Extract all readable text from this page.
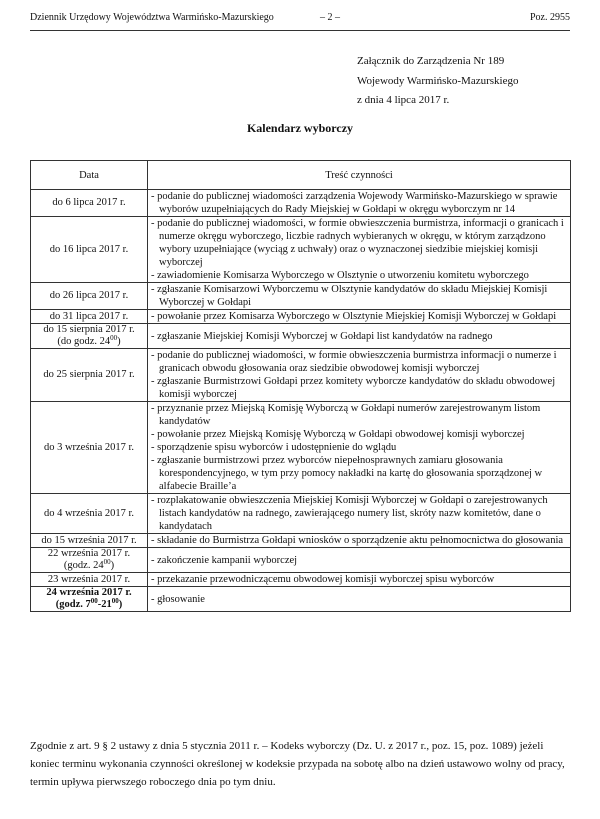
Dziennik Urzędowy Województwa Warmińsko-Mazurskiego	– 2 –	Poz. 2955
Załącznik do Zarządzenia Nr 189
Wojewody Warmińsko-Mazurskiego
z dnia 4 lipca 2017 r.
Kalendarz wyborczy
Data	Treść czynności

do 6 lipca 2017 r.	- podanie do publicznej wiadomości zarządzenia Wojewody Warmińsko-Mazurskiego w sprawie wyborów uzupełniających do Rady Miejskiej w Gołdapi w okręgu wyborczym nr 14

do 16 lipca 2017 r.	- podanie do publicznej wiadomości, w formie obwieszczenia burmistrza, informacji o granicach i numerze okręgu wyborczego, liczbie radnych wybieranych w okręgu, w którym zarządzono wybory uzupełniające (wyciąg z uchwały) oraz o wyznaczonej siedzibie miejskiej komisji wyborczej
- zawiadomienie Komisarza Wyborczego w Olsztynie o utworzeniu komitetu wyborczego

do 26 lipca 2017 r.	- zgłaszanie Komisarzowi Wyborczemu w Olsztynie kandydatów do składu Miejskiej Komisji Wyborczej w Gołdapi

do 31 lipca 2017 r.	- powołanie przez Komisarza Wyborczego w Olsztynie Miejskiej Komisji Wyborczej w Gołdapi

do 15 sierpnia 2017 r.
(do godz. $24^{00}$)	- zgłaszanie Miejskiej Komisji Wyborczej w Gołdapi list kandydatów na radnego

do 25 sierpnia 2017 r.	- podanie do publicznej wiadomości, w formie obwieszczenia burmistrza informacji o numerze i granicach obwodu głosowania oraz siedzibie obwodowej komisji wyborczej
- zgłaszanie Burmistrzowi Gołdapi przez komitety wyborcze kandydatów do składu obwodowej komisji wyborczej

do 3 września 2017 r.	- przyznanie przez Miejską Komisję Wyborczą w Gołdapi numerów zarejestrowanym listom kandydatów
- powołanie przez Miejską Komisję Wyborczą w Gołdapi obwodowej komisji wyborczej
- sporządzenie spisu wyborców i udostępnienie do wglądu
- zgłaszanie burmistrzowi przez wyborców niepełnosprawnych zamiaru głosowania korespondencyjnego, w tym przy pomocy nakładki na kartę do głosowania sporządzonej w alfabecie Braille’a

do 4 września 2017 r.	- rozplakatowanie obwieszczenia Miejskiej Komisji Wyborczej w Gołdapi o zarejestrowanych listach kandydatów na radnego, zawierającego numery list, skróty nazw komitetów, dane o kandydatach

do 15 września 2017 r.	- składanie do Burmistrza Gołdapi wniosków o sporządzenie aktu pełnomocnictwa do głosowania

22 września 2017 r.
(godz. $24^{00}$)	- zakończenie kampanii wyborczej

23 września 2017 r.	- przekazanie przewodniczącemu obwodowej komisji wyborczej spisu wyborców

24 września 2017 r.
(godz. $7^{00}-21^{00}$)	- głosowanie
Zgodnie z art. 9 § 2 ustawy z dnia 5 stycznia 2011 r. – Kodeks wyborczy (Dz. U. z 2017 r., poz. 15, poz. 1089) jeżeli koniec terminu wykonania czynności określonej w kodeksie przypada na sobotę albo na dzień ustawowo wolny od pracy, termin upływa pierwszego roboczego dnia po tym dniu.
